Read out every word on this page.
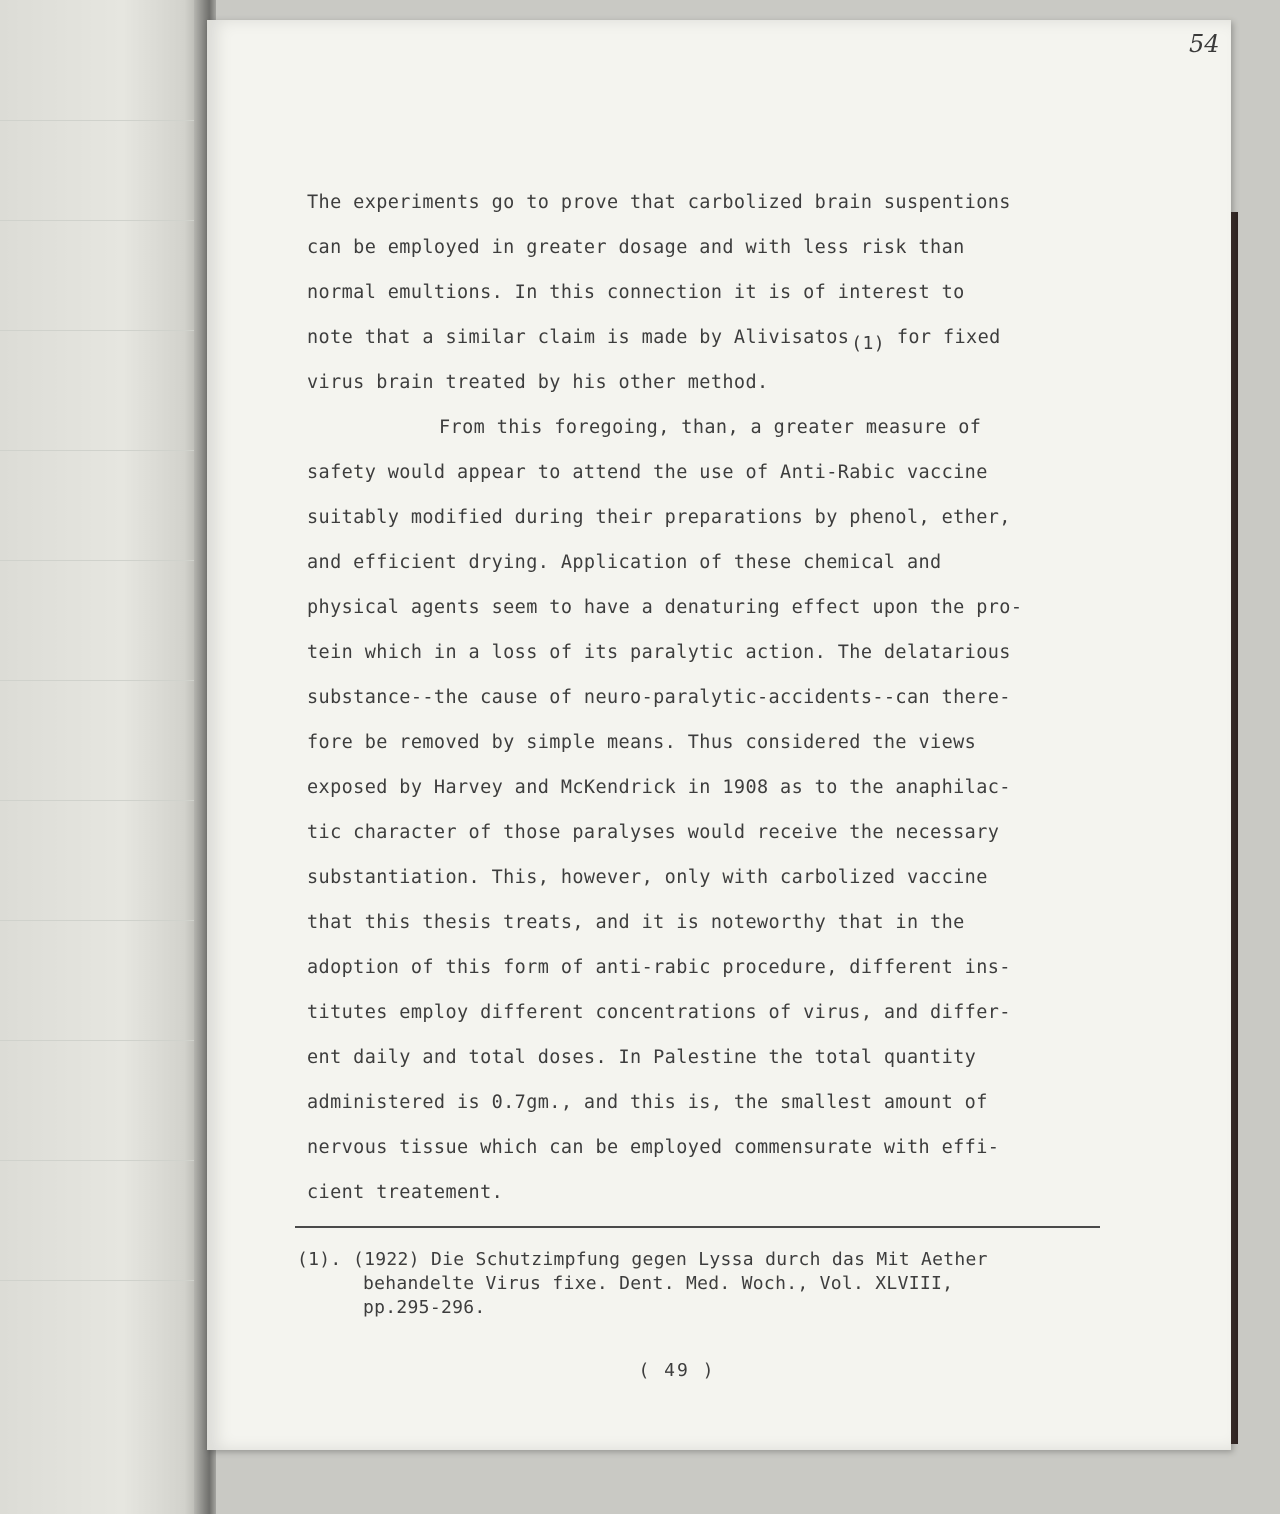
54
The experiments go to prove that carbolized brain suspentions
can be employed in greater dosage and with less risk than
normal emultions. In this connection it is of interest to
note that a similar claim is made by Alivisatos (1) for fixed
virus brain treated by his other method.
From this foregoing, than, a greater measure of
safety would appear to attend the use of Anti-Rabic vaccine
suitably modified during their preparations by phenol, ether,
and efficient drying. Application of these chemical and
physical agents seem to have a denaturing effect upon the pro-
tein which in a loss of its paralytic action. The delatarious
substance--the cause of neuro-paralytic-accidents--can there-
fore be removed by simple means. Thus considered the views
exposed by Harvey and McKendrick in 1908 as to the anaphilac-
tic character of those paralyses would receive the necessary
substantiation. This, however, only with carbolized vaccine
that this thesis treats, and it is noteworthy that in the
adoption of this form of anti-rabic procedure, different ins-
titutes employ different concentrations of virus, and differ-
ent daily and total doses. In Palestine the total quantity
administered is 0.7gm., and this is, the smallest amount of
nervous tissue which can be employed commensurate with effi-
cient treatement.
(1). (1922) Die Schutzimpfung gegen Lyssa durch das Mit Aether
behandelte Virus fixe. Dent. Med. Woch., Vol. XLVIII,
pp.295-296.
( 49 )
